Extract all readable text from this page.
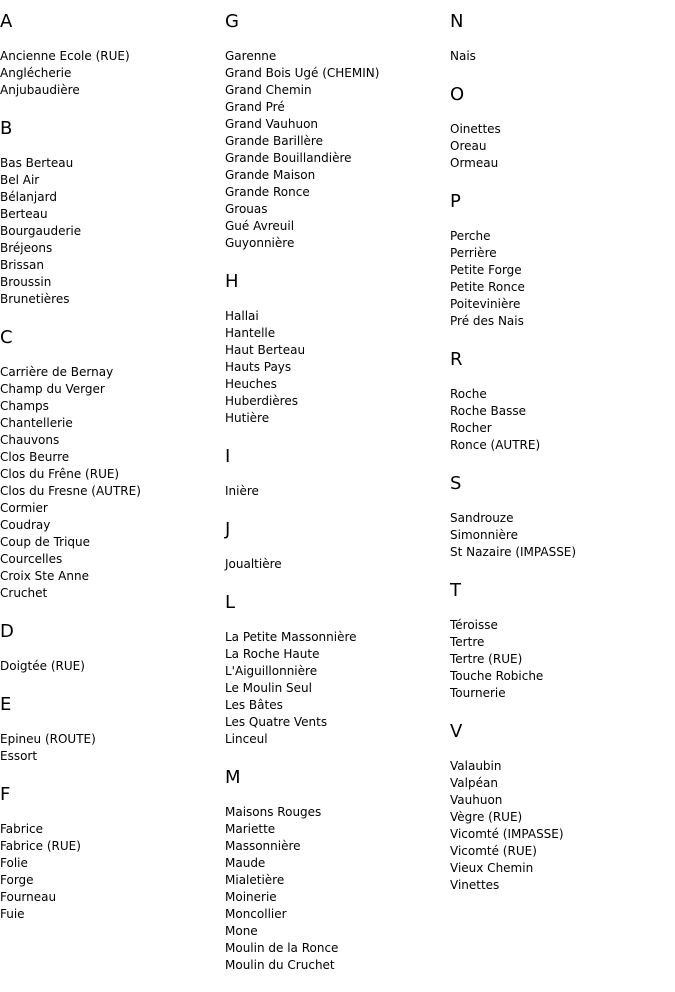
A
Ancienne Ecole (RUE)
Anglécherie
Anjubaudière
B
Bas Berteau
Bel Air
Bélanjard
Berteau
Bourgauderie
Bréjeons
Brissan
Broussin
Brunetières
C
Carrière de Bernay
Champ du Verger
Champs
Chantellerie
Chauvons
Clos Beurre
Clos du Frêne (RUE)
Clos du Fresne (AUTRE)
Cormier
Coudray
Coup de Trique
Courcelles
Croix Ste Anne
Cruchet
D
Doigtée (RUE)
E
Epineu (ROUTE)
Essort
F
Fabrice
Fabrice (RUE)
Folie
Forge
Fourneau
Fuie
G
Garenne
Grand Bois Ugé (CHEMIN)
Grand Chemin
Grand Pré
Grand Vauhuon
Grande Barillère
Grande Bouillandière
Grande Maison
Grande Ronce
Grouas
Gué Avreuil
Guyonnière
H
Hallai
Hantelle
Haut Berteau
Hauts Pays
Heuches
Huberdières
Hutière
I
Inière
J
Joualtière
L
La Petite Massonnière
La Roche Haute
L'Aiguillonnière
Le Moulin Seul
Les Bâtes
Les Quatre Vents
Linceul
M
Maisons Rouges
Mariette
Massonnière
Maude
Mialetière
Moinerie
Moncollier
Mone
Moulin de la Ronce
Moulin du Cruchet
N
Nais
O
Oinettes
Oreau
Ormeau
P
Perche
Perrière
Petite Forge
Petite Ronce
Poitevinière
Pré des Nais
R
Roche
Roche Basse
Rocher
Ronce (AUTRE)
S
Sandrouze
Simonnière
St Nazaire (IMPASSE)
T
Téroisse
Tertre
Tertre (RUE)
Touche Robiche
Tournerie
V
Valaubin
Valpéan
Vauhuon
Vègre (RUE)
Vicomté (IMPASSE)
Vicomté (RUE)
Vieux Chemin
Vinettes
